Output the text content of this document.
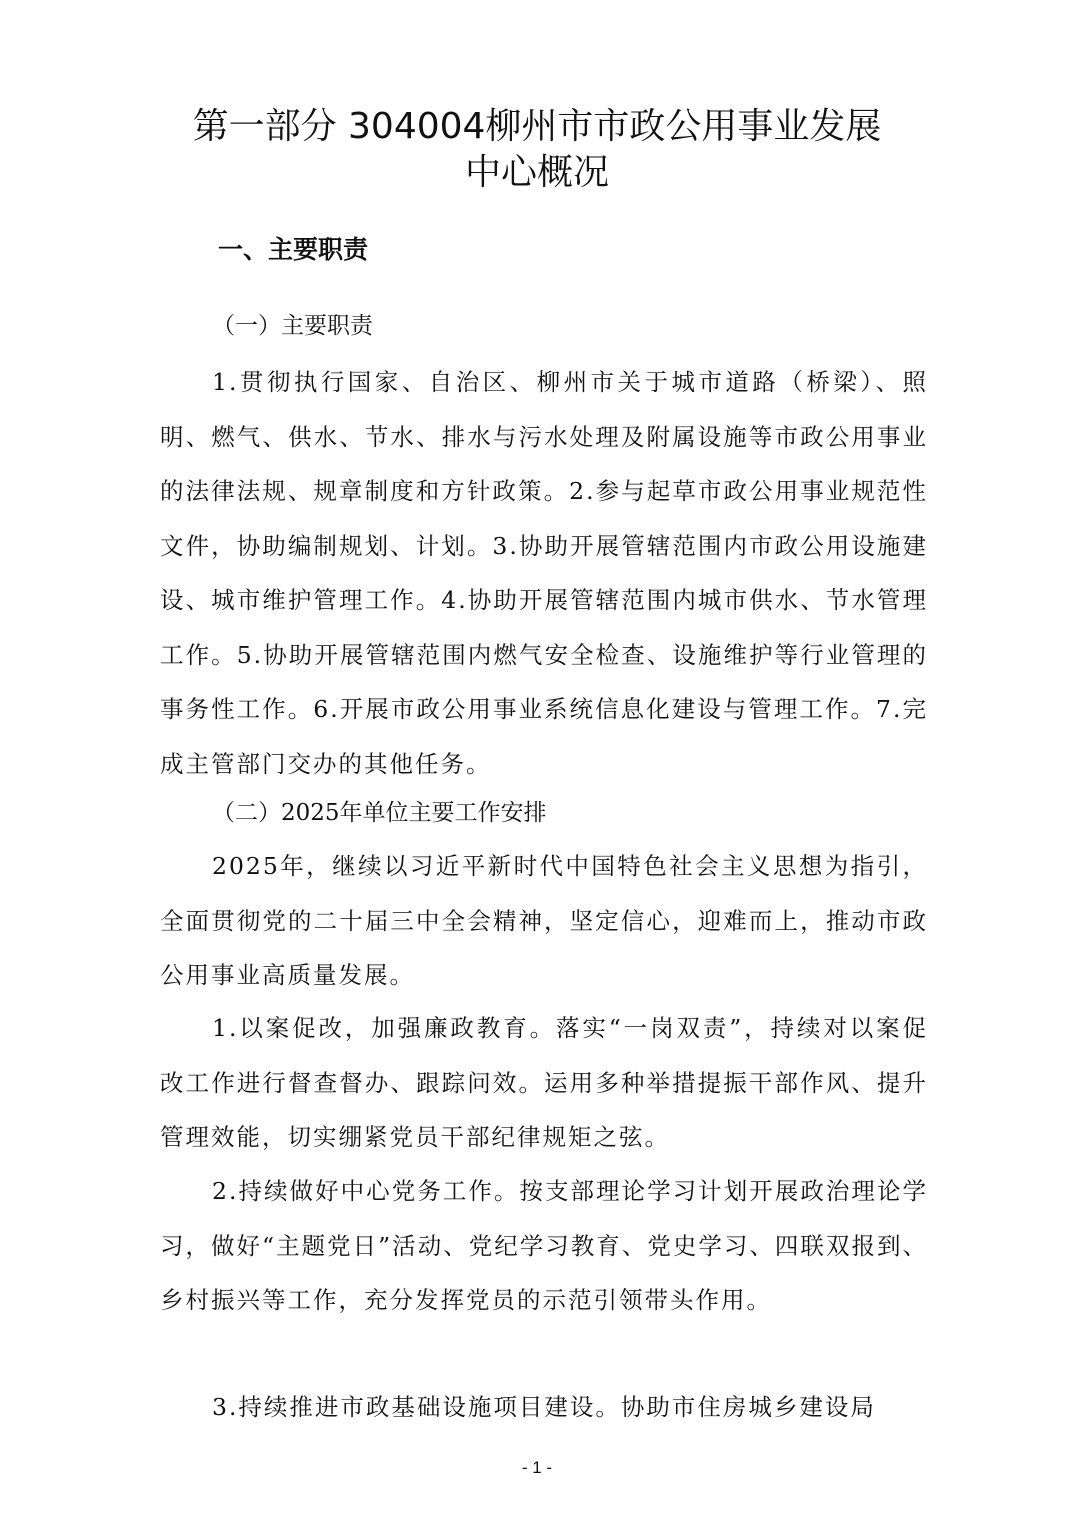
第一部分 304004柳州市市政公用事业发展
中心概况
一、主要职责
（一）主要职责

1.贯彻执行国家、自治区、柳州市关于城市道路（桥梁）、照明、燃气、供水、节水、排水与污水处理及附属设施等市政公用事业的法律法规、规章制度和方针政策。2.参与起草市政公用事业规范性文件，协助编制规划、计划。3.协助开展管辖范围内市政公用设施建设、城市维护管理工作。4.协助开展管辖范围内城市供水、节水管理工作。5.协助开展管辖范围内燃气安全检查、设施维护等行业管理的事务性工作。6.开展市政公用事业系统信息化建设与管理工作。7.完成主管部门交办的其他任务。

（二）2025年单位主要工作安排

2025年，继续以习近平新时代中国特色社会主义思想为指引，全面贯彻党的二十届三中全会精神，坚定信心，迎难而上，推动市政公用事业高质量发展。

1.以案促改，加强廉政教育。落实“一岗双责”，持续对以案促改工作进行督查督办、跟踪问效。运用多种举措提振干部作风、提升管理效能，切实绷紧党员干部纪律规矩之弦。

2.持续做好中心党务工作。按支部理论学习计划开展政治理论学习，做好“主题党日”活动、党纪学习教育、党史学习、四联双报到、乡村振兴等工作，充分发挥党员的示范引领带头作用。

3.持续推进市政基础设施项目建设。协助市住房城乡建设局

- 1 -
